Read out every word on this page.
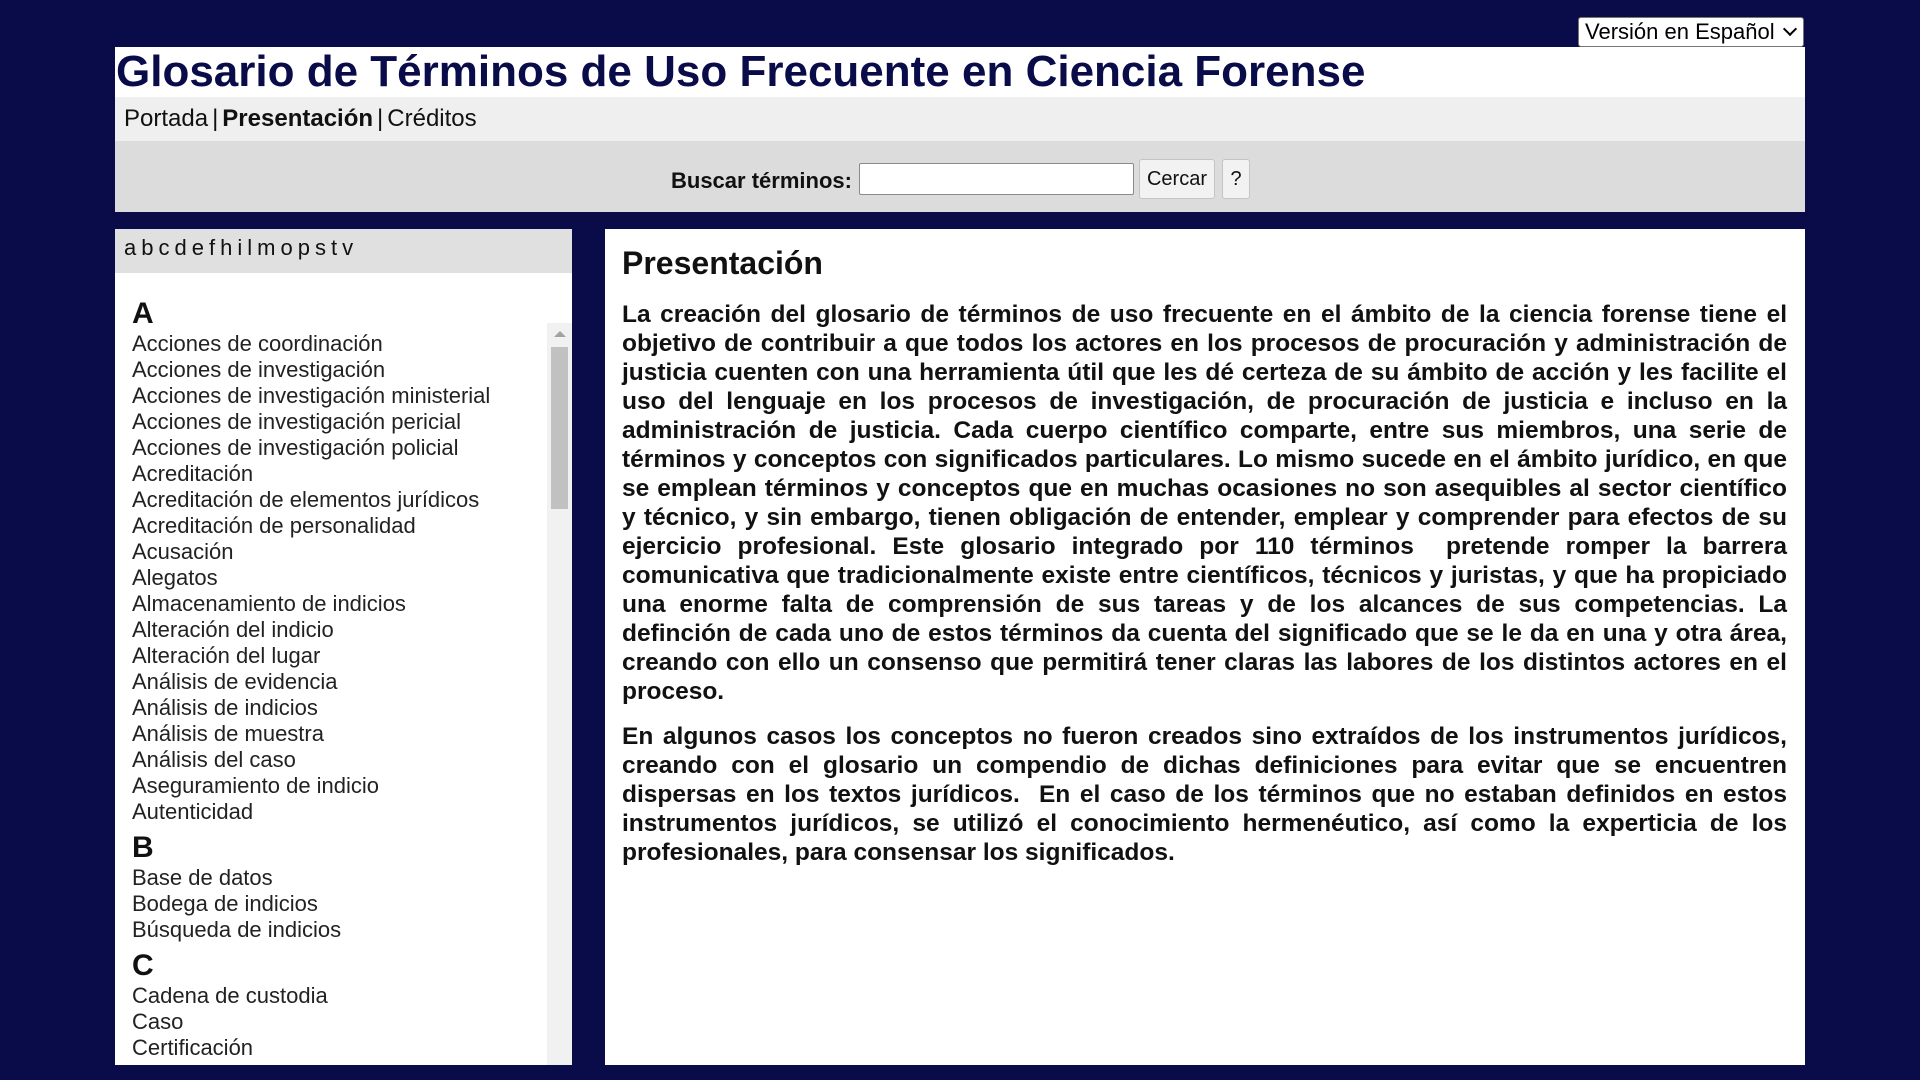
Versión en Español
Glosario de Términos de Uso Frecuente en Ciencia Forense
Portada | Presentación | Créditos
Buscar términos:	Cercar	?
a b c d e f h i l m o p s t v
A
Acciones de coordinación
Acciones de investigación
Acciones de investigación ministerial
Acciones de investigación pericial
Acciones de investigación policial
Acreditación
Acreditación de elementos jurídicos
Acreditación de personalidad
Acusación
Alegatos
Almacenamiento de indicios
Alteración del indicio
Alteración del lugar
Análisis de evidencia
Análisis de indicios
Análisis de muestra
Análisis del caso
Aseguramiento de indicio
Autenticidad
B
Base de datos
Bodega de indicios
Búsqueda de indicios
C
Cadena de custodia
Caso
Certificación
Presentación

La creación del glosario de términos de uso frecuente en el ámbito de la ciencia forense tiene el objetivo de contribuir a que todos los actores en los procesos de procuración y administración de justicia cuenten con una herramienta útil que les dé certeza de su ámbito de acción y les facilite el uso del lenguaje en los procesos de investigación, de procuración de justicia e incluso en la administración de justicia. Cada cuerpo científico comparte, entre sus miembros, una serie de términos y conceptos con significados particulares. Lo mismo sucede en el ámbito jurídico, en que se emplean términos y conceptos que en muchas ocasiones no son asequibles al sector científico y técnico, y sin embargo, tienen obligación de entender, emplear y comprender para efectos de su ejercicio profesional. Este glosario integrado por 110 términos  pretende romper la barrera comunicativa que tradicionalmente existe entre científicos, técnicos y juristas, y que ha propiciado una enorme falta de comprensión de sus tareas y de los alcances de sus competencias. La definción de cada uno de estos términos da cuenta del significado que se le da en una y otra área, creando con ello un consenso que permitirá tener claras las labores de los distintos actores en el proceso.

En algunos casos los conceptos no fueron creados sino extraídos de los instrumentos jurídicos, creando con el glosario un compendio de dichas definiciones para evitar que se encuentren dispersas en los textos jurídicos.  En el caso de los términos que no estaban definidos en estos instrumentos jurídicos, se utilizó el conocimiento hermenéutico, así como la experticia de los profesionales, para consensar los significados.
